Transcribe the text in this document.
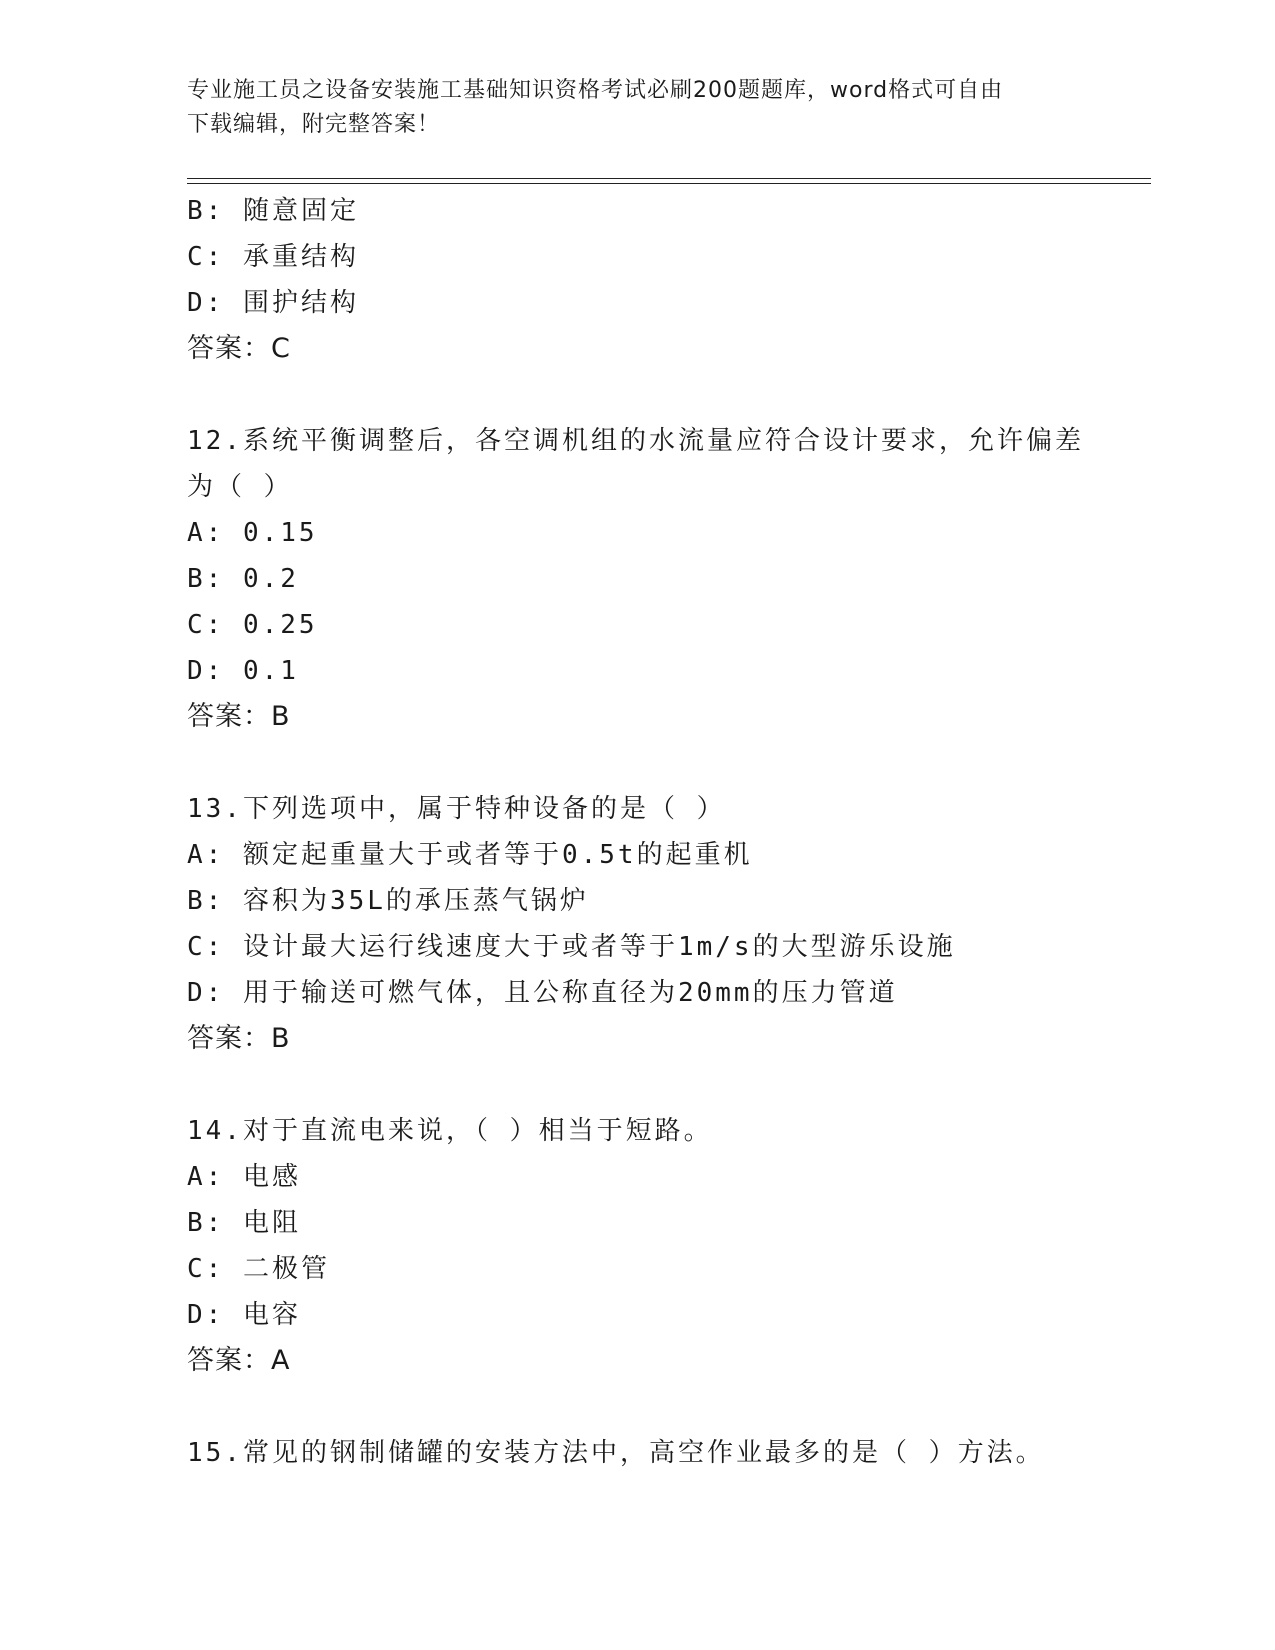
专业施工员之设备安装施工基础知识资格考试必刷200题题库，word格式可自由
下载编辑，附完整答案！
B: 随意固定
C: 承重结构
D: 围护结构
答案：C
12.系统平衡调整后，各空调机组的水流量应符合设计要求，允许偏差
为（ ）
A: 0.15
B: 0.2
C: 0.25
D: 0.1
答案：B
13.下列选项中，属于特种设备的是（ ）
A: 额定起重量大于或者等于0.5t的起重机
B: 容积为35L的承压蒸气锅炉
C: 设计最大运行线速度大于或者等于1m/s的大型游乐设施
D: 用于输送可燃气体，且公称直径为20mm的压力管道
答案：B
14.对于直流电来说，（ ）相当于短路。
A: 电感
B: 电阻
C: 二极管
D: 电容
答案：A
15.常见的钢制储罐的安装方法中，高空作业最多的是（ ）方法。
